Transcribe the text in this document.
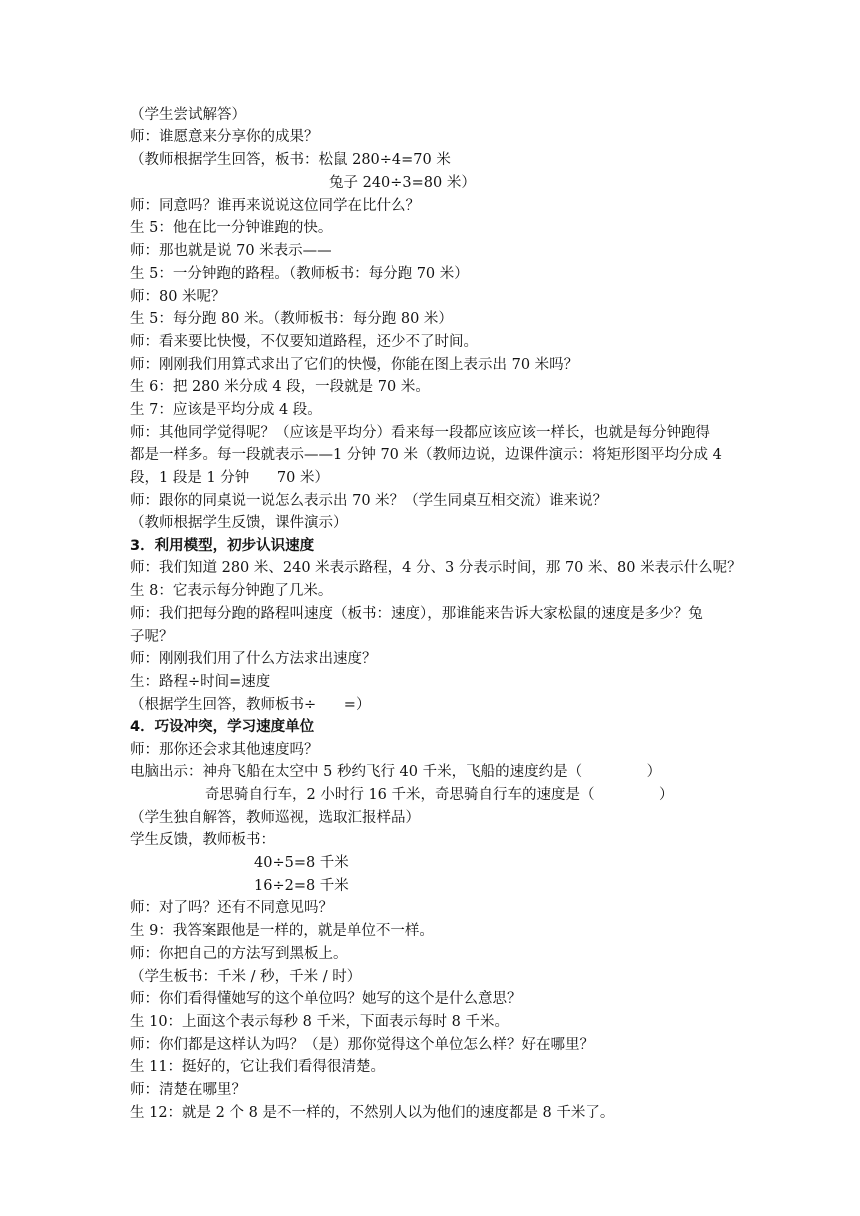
（学生尝试解答）
师：谁愿意来分享你的成果？
（教师根据学生回答，板书：松鼠 280÷4=70 米
兔子 240÷3=80 米）
师：同意吗？谁再来说说这位同学在比什么？
生 5：他在比一分钟谁跑的快。
师：那也就是说 70 米表示——
生 5：一分钟跑的路程。（教师板书：每分跑 70 米）
师：80 米呢？
生 5：每分跑 80 米。（教师板书：每分跑 80 米）
师：看来要比快慢，不仅要知道路程，还少不了时间。
师：刚刚我们用算式求出了它们的快慢，你能在图上表示出 70 米吗？
生 6：把 280 米分成 4 段，一段就是 70 米。
生 7：应该是平均分成 4 段。
师：其他同学觉得呢？（应该是平均分）看来每一段都应该应该一样长，也就是每分钟跑得
都是一样多。每一段就表示——1 分钟 70 米（教师边说，边课件演示：将矩形图平均分成 4
段，1 段是 1 分钟      70 米）
师：跟你的同桌说一说怎么表示出 70 米？（学生同桌互相交流）谁来说？
（教师根据学生反馈，课件演示）
3．利用模型，初步认识速度
师：我们知道 280 米、240 米表示路程，4 分、3 分表示时间，那 70 米、80 米表示什么呢？
生 8：它表示每分钟跑了几米。
师：我们把每分跑的路程叫速度（板书：速度），那谁能来告诉大家松鼠的速度是多少？兔
子呢？
师：刚刚我们用了什么方法求出速度？
生：路程÷时间=速度
（根据学生回答，教师板书÷      =）
4．巧设冲突，学习速度单位
师：那你还会求其他速度吗？
电脑出示：神舟飞船在太空中 5 秒约飞行 40 千米，飞船的速度约是（              ）
奇思骑自行车，2 小时行 16 千米，奇思骑自行车的速度是（              ）
（学生独自解答，教师巡视，选取汇报样品）
学生反馈，教师板书：
40÷5=8 千米
16÷2=8 千米
师：对了吗？还有不同意见吗？
生 9：我答案跟他是一样的，就是单位不一样。
师：你把自己的方法写到黑板上。
（学生板书：千米 / 秒，千米 / 时）
师：你们看得懂她写的这个单位吗？她写的这个是什么意思？
生 10：上面这个表示每秒 8 千米，下面表示每时 8 千米。
师：你们都是这样认为吗？（是）那你觉得这个单位怎么样？好在哪里？
生 11：挺好的，它让我们看得很清楚。
师：清楚在哪里？
生 12：就是 2 个 8 是不一样的，不然别人以为他们的速度都是 8 千米了。
